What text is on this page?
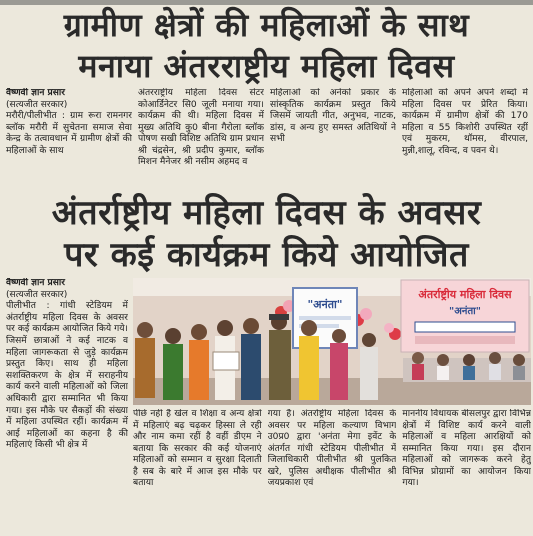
ग्रामीण क्षेत्रों की महिलाओं के साथ
मनाया अंतरराष्ट्रीय महिला दिवस

वैष्णवी ज्ञान प्रसार

(सत्यजीत सरकार)

मरौरी/पीलीभीत : ग्राम रूरा रामनगर ब्लॉक मरौरी में सुचेतना समाज सेवा केन्द्र के तत्वावधान में ग्रामीण क्षेत्रों की महिलाओं के साथ

अंतरराष्ट्रीय महिला दिवस सेंटर कोआर्डिनेटर सि0 जूली मनाया गया। कार्यक्रम की थी। महिला दिवस में मुख्य अतिथि कु0 बीना गैरोला ब्लॉक पोषण सखी विशिष्ट अतिथि ग्राम प्रधान श्री चंद्रसेन, श्री प्रदीप कुमार, ब्लॉक मिशन मैनेजर श्री नसीम अहमद व

महिलाओं को अनेकों प्रकार के सांस्कृतिक कार्यक्रम प्रस्तुत किये जिसमें जायती गीत, अनुभव, नाटक, डांस, व अन्य हुए समस्त अतिथियों ने सभी

महिलाओं को अपने अपने शब्दों में महिला दिवस पर प्रेरित किया। कार्यक्रम में ग्रामीण क्षेत्रों की 170 महिला व 55 किशोरी उपस्थित रहीं एवं मुकरम, थॉमस, वीरपाल, मुन्नी,शालू, रविन्द, व पवन थे।

अंतर्राष्ट्रीय महिला दिवस के अवसर
पर कई कार्यक्रम किये आयोजित

वैष्णवी ज्ञान प्रसार

(सत्यजीत सरकार)

पीलीभीत : गांधी स्टेडियम में अंतर्राष्ट्रीय महिला दिवस के अवसर पर कई कार्यक्रम आयोजित किये गये। जिसमें छात्राओं ने कई नाटक व महिला जागरूकता से जुड़े कार्यक्रम प्रस्तुत किए। साथ ही महिला सशक्तिकरण के क्षेत्र में सराहनीय कार्य करने वाली महिलाओं को जिला अधिकारी द्वारा सम्मानित भी किया गया। इस मौके पर सैकड़ों की संख्या में महिला उपस्थित रहीं। कार्यक्रम में आई महिलाओं का कहना है की महिलाएं किसी भी क्षेत्र में

"अनंता"
अंतर्राष्ट्रीय महिला दिवस
"अनंता"

पीछे नही है खेल व शिक्षा व अन्य क्षेत्रों में महिलाएं बढ़ चढ़कर हिस्सा ले रही और नाम कमा रहीं है वहीं डीएम ने बताया कि सरकार की कई योजनाएं महिलाओं को सम्मान व सुरक्षा दिलाती है सब के बारे में आज इस मौके पर बताया

गया है। अंतर्राष्ट्रीय महिला दिवस के अवसर पर महिला कल्याण विभाग उ0प्र0 द्वारा 'अनंता मेगा इवेंट के अंतर्गत गांधी स्टेडियम पीलीभीत में जिलाधिकारी पीलीभीत श्री पुलकित खरे, पुलिस अधीक्षक पीलीभीत श्री जयप्रकाश एवं

माननीय विधायक बीसलपुर द्वारा विभिन्न क्षेत्रों में विशिष्ट कार्य करने वाली महिलाओं व महिला आरक्षियों को सम्मानित किया गया। इस दौरान महिलाओं को जागरूक करने हेतु विभिन्न प्रोग्रामों का आयोजन किया गया।
